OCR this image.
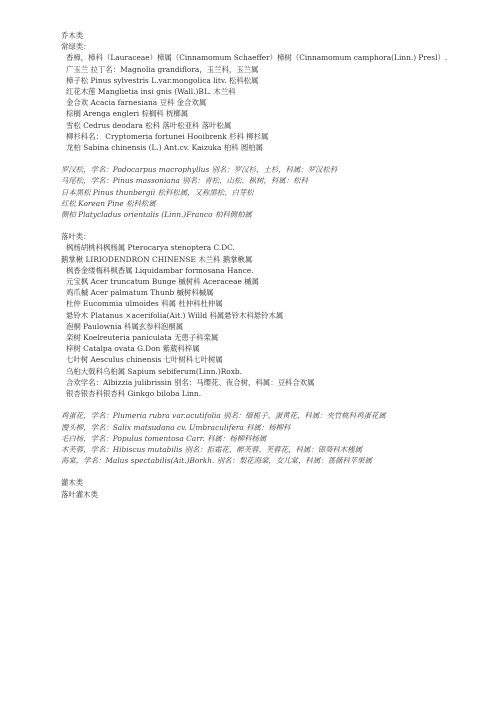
乔木类
常绿类：
香樟，樟科（Lauraceae）樟属（Cinnamomum Schaeffer）樟树（Cinnamomum camphora(Linn.) Presl）.
广玉兰 拉丁名：Magnolia grandiflora，玉兰科，玉兰属
樟子松 Pinus sylvestris L.var.mongolica litv. 松科松属
红花木莲 Manglietia insi gnis (Wall.)BL. 木兰科
金合欢 Acacia farnesiana 豆科 金合欢属
棕榈 Arenga engleri 棕榈科 桄榔属
雪松 Cedrus deodara 松科 落叶松亚科 落叶松属
柳杉科名： Cryptomeria fortunei Hooibrenk 杉科 柳杉属
龙柏 Sabina chinensis (L.) Ant.cv. Kaizuka 柏科 圆柏属
罗汉松，学名：Podocarpus macrophyllus 别名：罗汉杉、土杉，科属：罗汉松科
马尾松，学名：Pinus massoniana 别名：青松、山松、枞树，科属：松科
日本黑松 Pinus thunbergii 松科松属，又称黑松、白芽松
红松 Korean Pine 松科松属
侧柏 Platycladus orientalis (Linn.)Franco 柏科侧柏属
落叶类：
枫杨胡桃科枫杨属 Pterocarya stenoptera C.DC.
鹅掌楸 LIRIODENDRON CHINENSE 木兰科 鹅掌楸属
枫香金缕梅科枫香属 Liquidambar formosana Hance.
元宝枫 Acer truncatum Bunge 槭树科 Aceraceae 槭属
鸡爪槭 Acer palmatum Thunb 槭树科槭属
杜仲 Eucommia ulmoides 科属 杜仲科杜仲属
悬铃木 Platanus ×acerifolia(Ait.) Willd 科属悬铃木科悬铃木属
泡桐 Paulownia 科属玄参科泡桐属
栾树 Koelreuteria paniculata 无患子科栾属
梓树 Catalpa ovata G.Don 紫葳科梓属
七叶树 Aesculus chinensis 七叶树科七叶树属
乌桕大戟科乌桕属 Sapium sebiferum(Linn.)Roxb.
合欢学名：Albizzia julibrissin 别名：马缨花、夜合树，科属：豆科合欢属
银杏银杏科银杏科 Ginkgo biloba Linn.
鸡蛋花，学名：Plumeria rubra var.acutifolia 别名：缅栀子、蛋黄花，科属：夹竹桃科鸡蛋花属
馒头柳，学名：Salix matsudana cv. Umbraculifera 科属：杨柳科
毛白杨，学名：Populus tomentosa Carr. 科属：杨柳科杨属
木芙蓉，学名：Hibiscus mutabilis 别名：拒霜花、醉芙蓉、芙蓉花，科属：锦葵科木槿属
海棠，学名：Malus spectabilis(Ait.)Borkh. 别名：梨花海棠，女儿棠，科属：蔷薇科苹果属
灌木类
落叶灌木类
